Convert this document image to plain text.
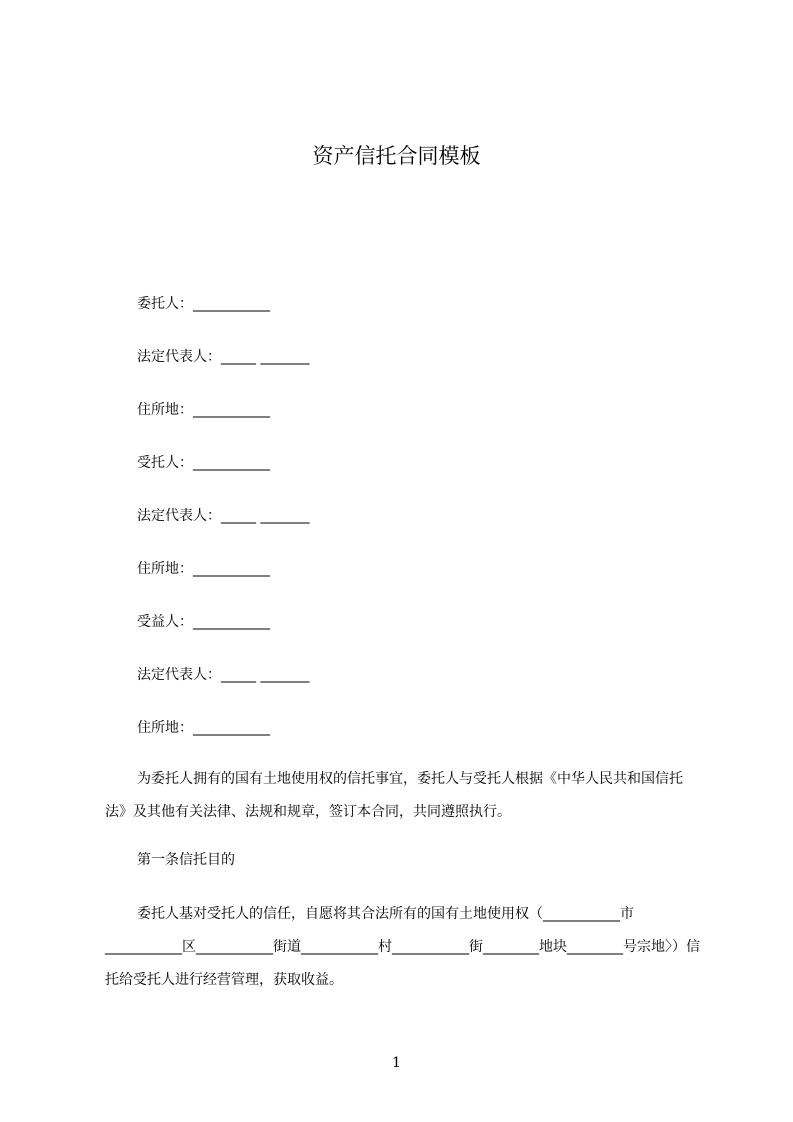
资产信托合同模板
委托人：___________
法定代表人：_____ _______
住所地：___________
受托人：___________
法定代表人：_____ _______
住所地：___________
受益人：___________
法定代表人：_____ _______
住所地：___________
为委托人拥有的国有土地使用权的信托事宜，委托人与受托人根据《中华人民共和国信托法》及其他有关法律、法规和规章，签订本合同，共同遵照执行。
第一条信托目的
委托人基对受托人的信任，自愿将其合法所有的国有土地使用权（___________市___________区___________街道___________村___________街________地块________号宗地〉）信托给受托人进行经营管理，获取收益。
1
